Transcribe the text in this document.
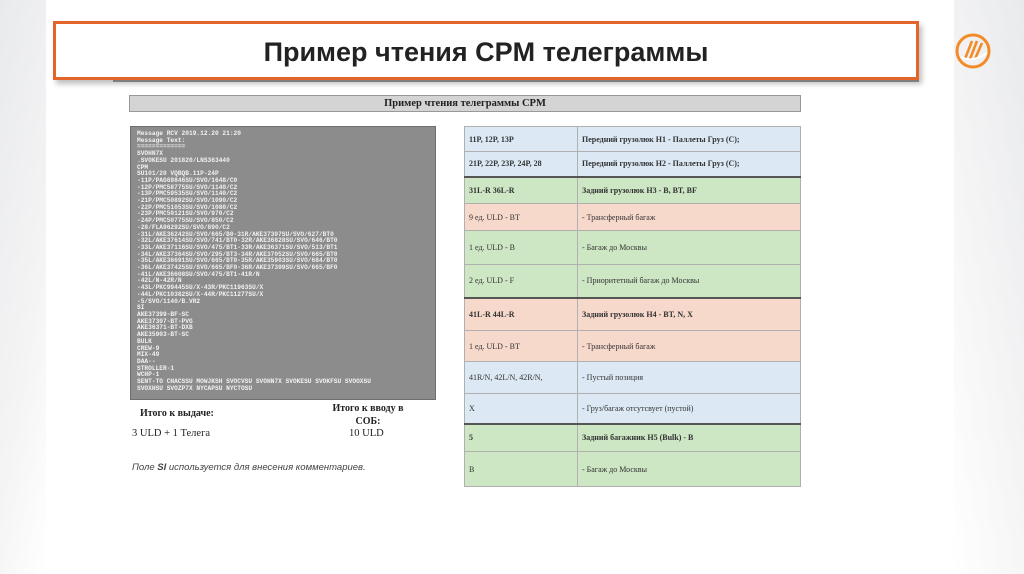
Пример чтения CPM телеграммы
Пример чтения телеграммы CPM
Message RCV 2019.12.20 21:20
Message Text:
=============
SVOHN7X
.SVOKESU 201820/LNS363440
CPM
SU101/20 VQBQB.11P-24P
-11P/PAG69846SU/SVO/1648/C0
-12P/PMC58775SU/SVO/1140/C2
-13P/PMC59535SU/SVO/1140/C2
-21P/PMC50892SU/SVO/1090/C2
-22P/PMC51053SU/SVO/1080/C2
-23P/PMC50121SU/SVO/970/C2
-24P/PMC50775SU/SVO/850/C2
-28/FLA96292SU/SVO/890/C2
-31L/AKE36242SU/SVO/665/B0-31R/AKE37307SU/SVO/627/BT0
-32L/AKE37614SU/SVO/741/BT0-32R/AKE36828SU/SVO/646/BT0
-33L/AKE37116SU/SVO/475/BT1-33R/AKE36371SU/SVO/513/BT1
-34L/AKE37364SU/SVO/295/BT3-34R/AKE37052SU/SVO/665/BT0
-35L/AKE36691SU/SVO/665/BT0-35R/AKE35903SU/SVO/684/BT0
-36L/AKE37425SU/SVO/665/BF0-36R/AKE37399SU/SVO/665/BF0
-41L/AKE36608SU/SVO/475/BT1-41R/N
-42L/N-42R/N
-43L/PKC99445SU/X-43R/PKC11963SU/X
-44L/PKC10382SU/X-44R/PKC11277SU/X
-5/SVO/1140/B.VR2
SI
AKE37399-BF-SC
AKE37307-BT-PVG
AKE36371-BT-DXB
AKE35903-BT-SC
BULK
CREW-9
MIX-49
DAA--
STROLLER-1
WCHP-1
SENT-TO CHACSSU MOWJKSH SVOCVSU SVOHN7X SVOKESU SVOKFSU SVOOXSU
SVOXHSU SVOZP7X NYCAPSU NYCTOSU
Итого к выдаче:
3 ULD + 1 Телега
Итого к вводу в СОБ:
10 ULD
Поле SI используется для внесения комментариев.
11P, 12P, 13P	Передний грузолюк H1 - Паллеты Груз (C);
21P, 22P, 23P, 24P, 28	Передний грузолюк H2 - Паллеты Груз (C);
31L-R 36L-R	Задний грузолюк H3 - B, BT, BF
9 ед. ULD - BT	- Трансферный багаж
1 ед. ULD - B	- Багаж до Москвы
2 ед. ULD - F	- Приоритетный багаж до Москвы
41L-R 44L-R	Задний грузолюк H4 - BT, N, X
1 ед. ULD - BT	- Трансферный багаж
41R/N, 42L/N, 42R/N,	- Пустый позиция
X	- Груз/багаж отсутсвует (пустой)
5	Задний багажник H5 (Bulk) - B
B	- Багаж до Москвы
